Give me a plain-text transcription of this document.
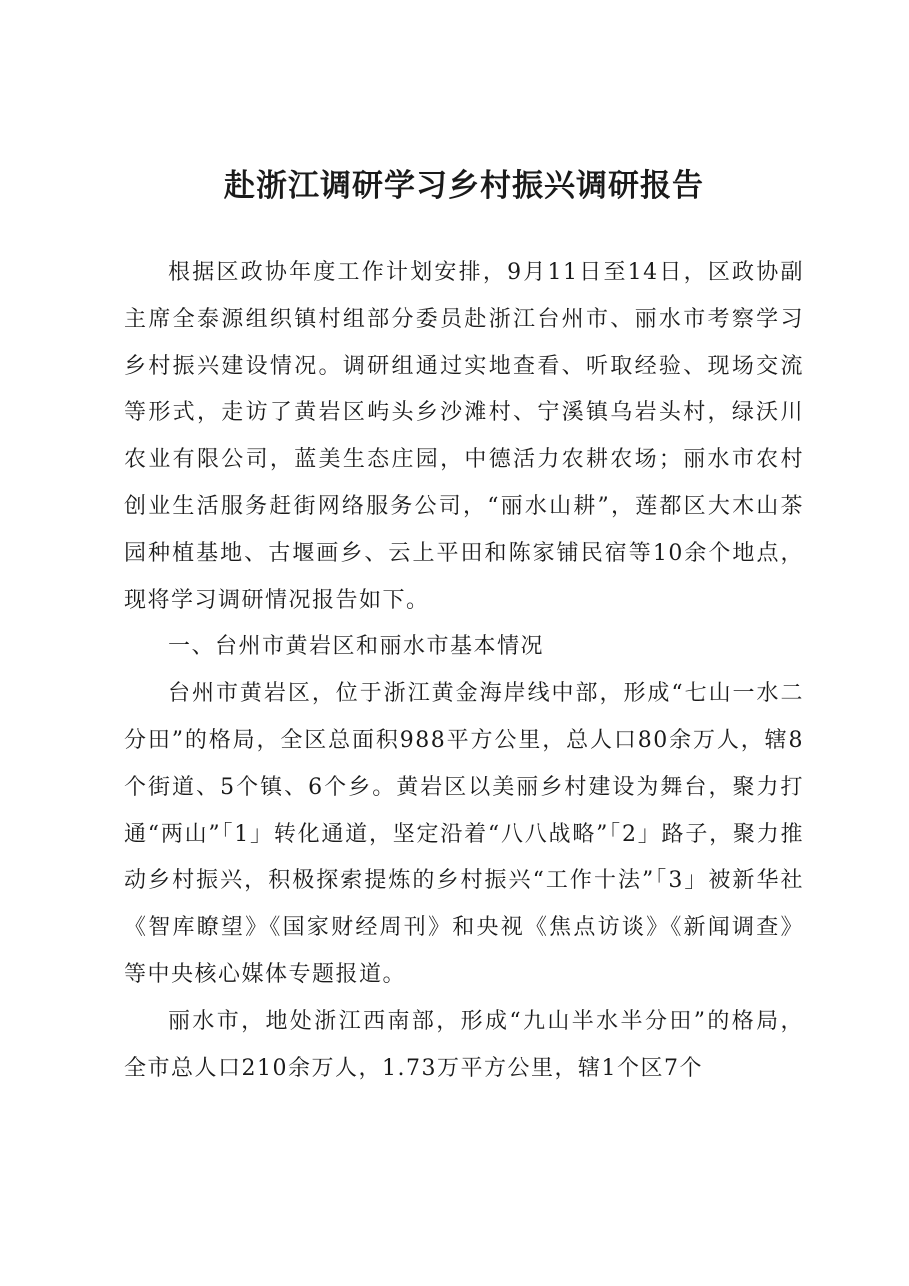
赴浙江调研学习乡村振兴调研报告

根据区政协年度工作计划安排，9月11日至14日，区政协副主席全泰源组织镇村组部分委员赴浙江台州市、丽水市考察学习乡村振兴建设情况。调研组通过实地查看、听取经验、现场交流等形式，走访了黄岩区屿头乡沙滩村、宁溪镇乌岩头村，绿沃川农业有限公司，蓝美生态庄园，中德活力农耕农场；丽水市农村创业生活服务赶街网络服务公司，“丽水山耕”，莲都区大木山茶园种植基地、古堰画乡、云上平田和陈家铺民宿等10余个地点，现将学习调研情况报告如下。

一、台州市黄岩区和丽水市基本情况

台州市黄岩区，位于浙江黄金海岸线中部，形成“七山一水二分田”的格局，全区总面积988平方公里，总人口80余万人，辖8个街道、5个镇、6个乡。黄岩区以美丽乡村建设为舞台，聚力打通“两山”「1」转化通道，坚定沿着“八八战略”「2」路子，聚力推动乡村振兴，积极探索提炼的乡村振兴“工作十法”「3」被新华社《智库瞭望》《国家财经周刊》和央视《焦点访谈》《新闻调查》等中央核心媒体专题报道。

丽水市，地处浙江西南部，形成“九山半水半分田”的格局，全市总人口210余万人，1.73万平方公里，辖1个区7个
